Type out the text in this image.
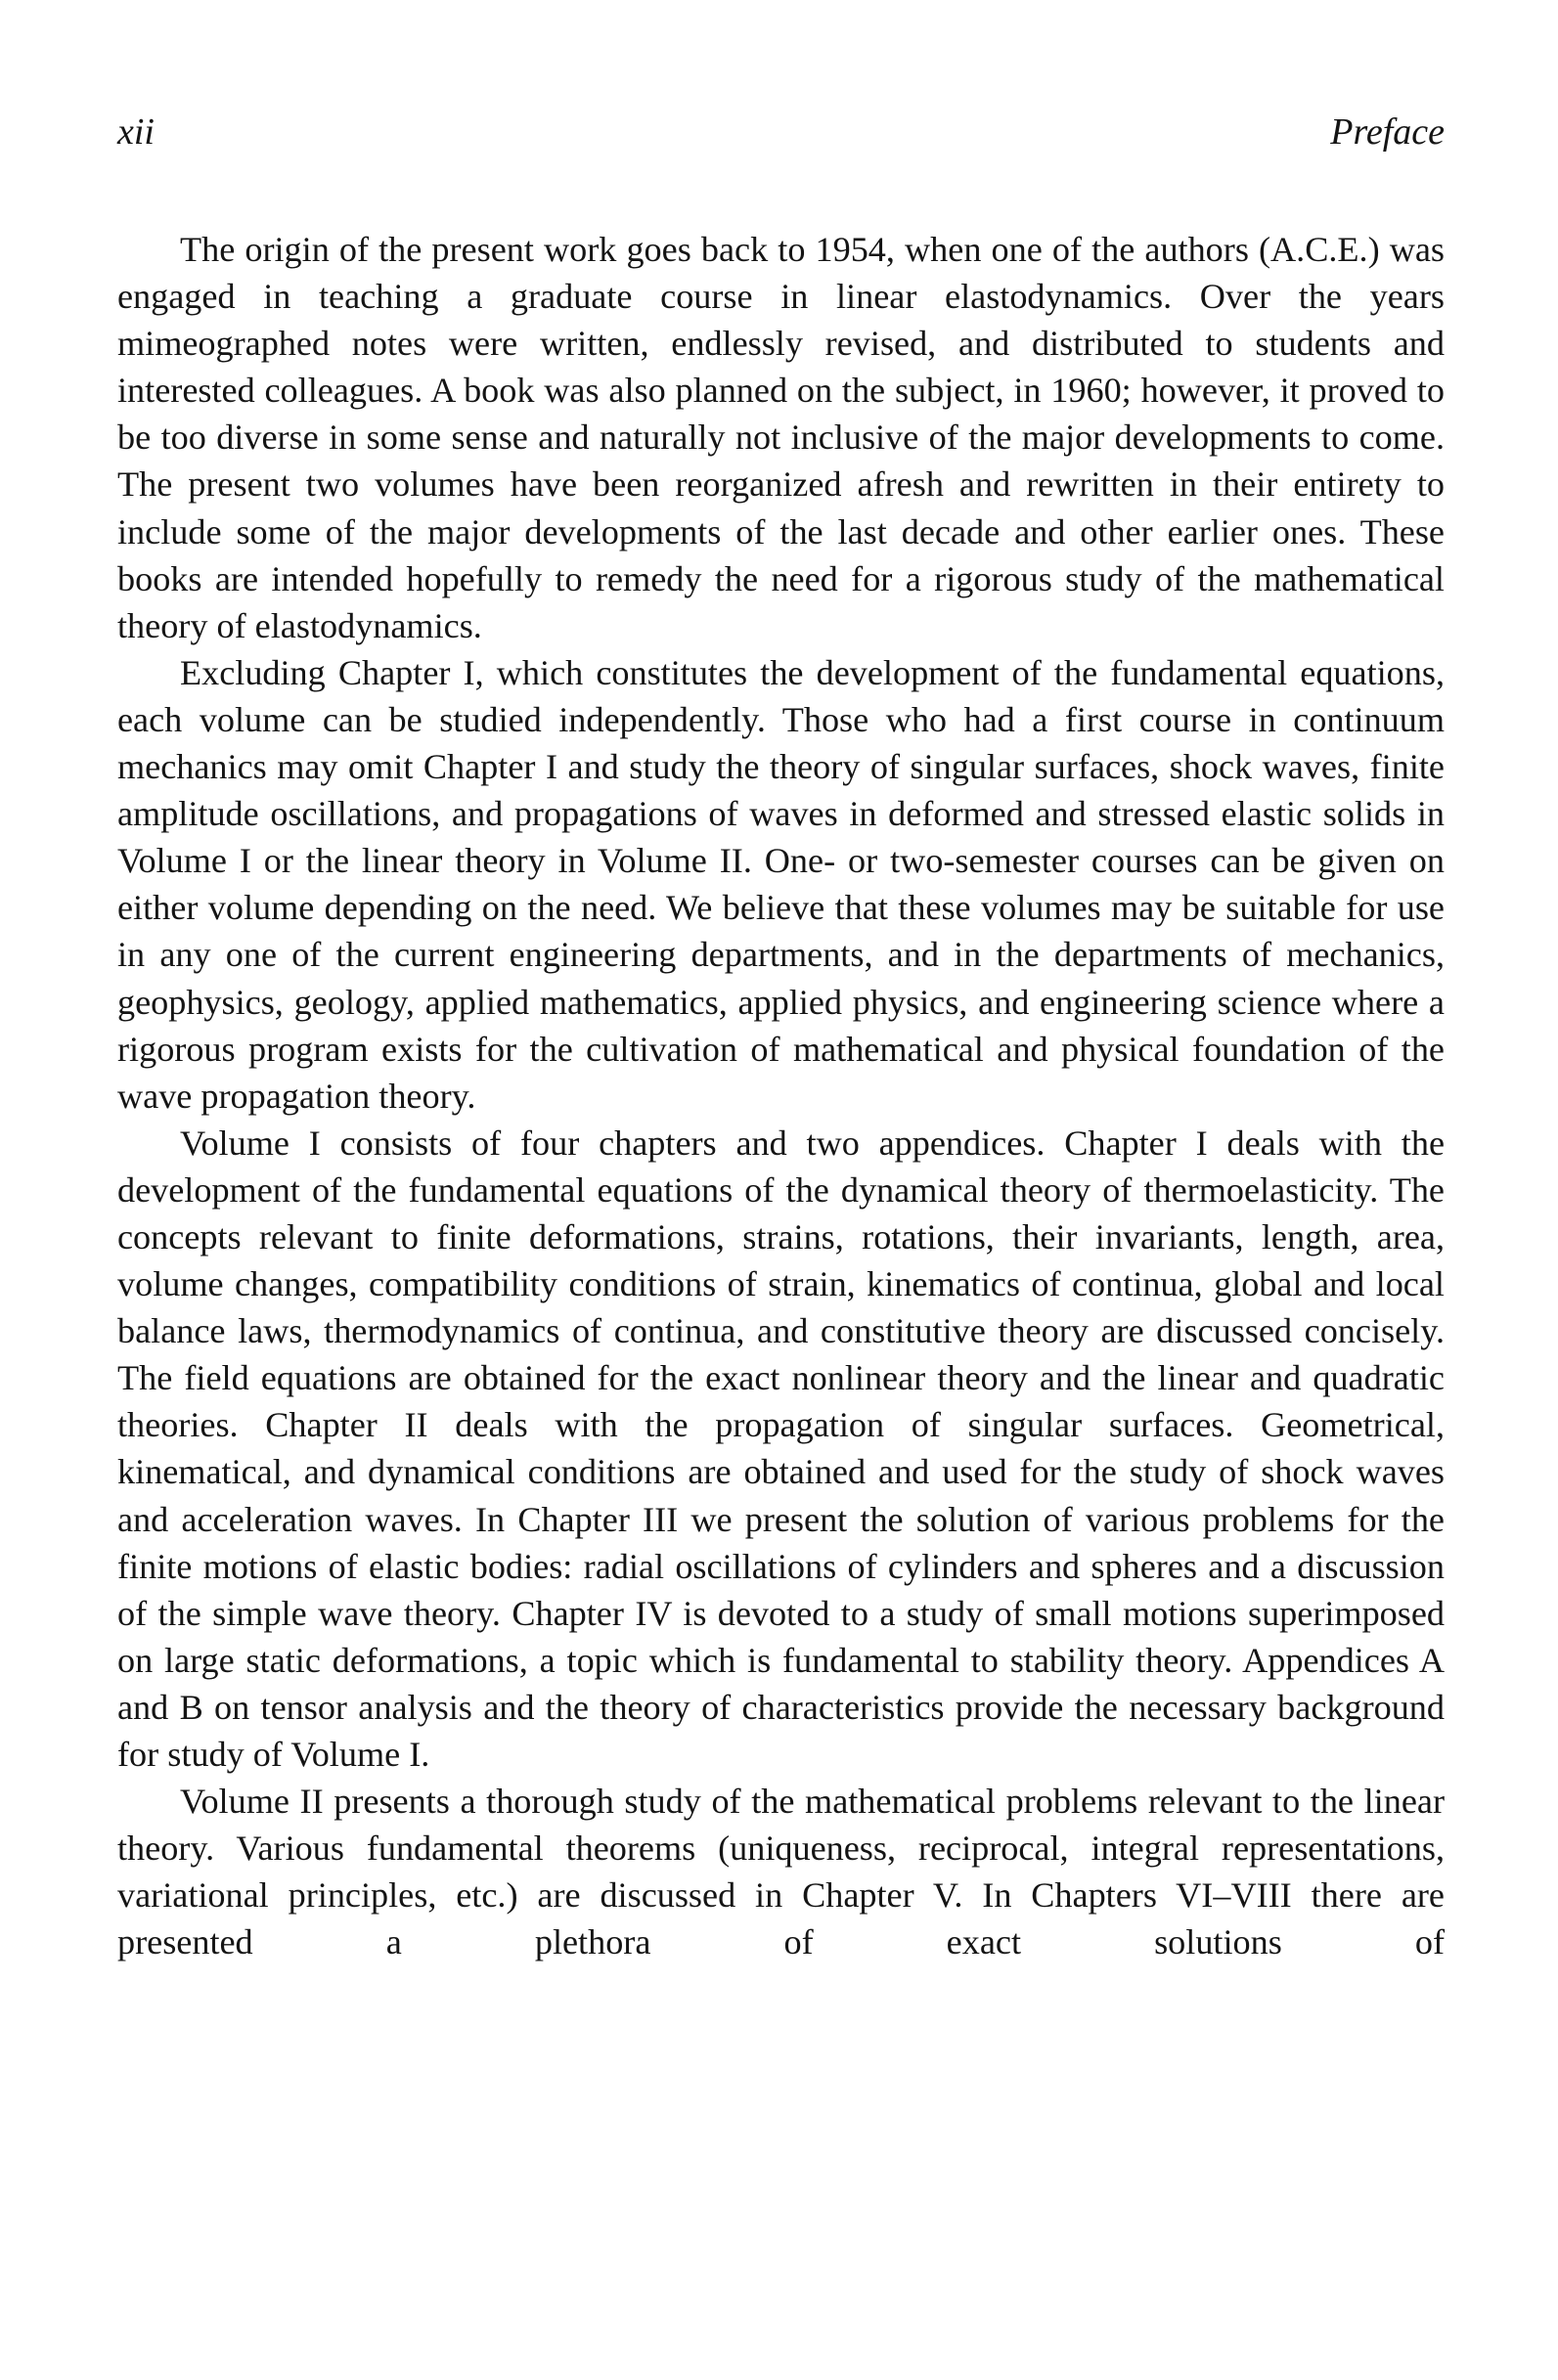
xii	Preface

The origin of the present work goes back to 1954, when one of the authors (A.C.E.) was engaged in teaching a graduate course in linear elastodynamics. Over the years mimeographed notes were written, endlessly revised, and distributed to students and interested colleagues. A book was also planned on the subject, in 1960; however, it proved to be too diverse in some sense and naturally not inclusive of the major developments to come. The present two volumes have been reorganized afresh and rewritten in their entirety to include some of the major developments of the last decade and other earlier ones. These books are intended hopefully to remedy the need for a rigorous study of the mathematical theory of elastodynamics.

Excluding Chapter I, which constitutes the development of the fundamental equations, each volume can be studied independently. Those who had a first course in continuum mechanics may omit Chapter I and study the theory of singular surfaces, shock waves, finite amplitude oscillations, and propagations of waves in deformed and stressed elastic solids in Volume I or the linear theory in Volume II. One- or two-semester courses can be given on either volume depending on the need. We believe that these volumes may be suitable for use in any one of the current engineering departments, and in the departments of mechanics, geophysics, geology, applied mathematics, applied physics, and engineering science where a rigorous program exists for the cultivation of mathematical and physical foundation of the wave propagation theory.

Volume I consists of four chapters and two appendices. Chapter I deals with the development of the fundamental equations of the dynamical theory of thermoelasticity. The concepts relevant to finite deformations, strains, rotations, their invariants, length, area, volume changes, compatibility conditions of strain, kinematics of continua, global and local balance laws, thermodynamics of continua, and constitutive theory are discussed concisely. The field equations are obtained for the exact nonlinear theory and the linear and quadratic theories. Chapter II deals with the propagation of singular surfaces. Geometrical, kinematical, and dynamical conditions are obtained and used for the study of shock waves and acceleration waves. In Chapter III we present the solution of various problems for the finite motions of elastic bodies: radial oscillations of cylinders and spheres and a discussion of the simple wave theory. Chapter IV is devoted to a study of small motions superimposed on large static deformations, a topic which is fundamental to stability theory. Appendices A and B on tensor analysis and the theory of characteristics provide the necessary background for study of Volume I.

Volume II presents a thorough study of the mathematical problems relevant to the linear theory. Various fundamental theorems (uniqueness, reciprocal, integral representations, variational principles, etc.) are discussed in Chapter V. In Chapters VI–VIII there are presented a plethora of exact solutions of
